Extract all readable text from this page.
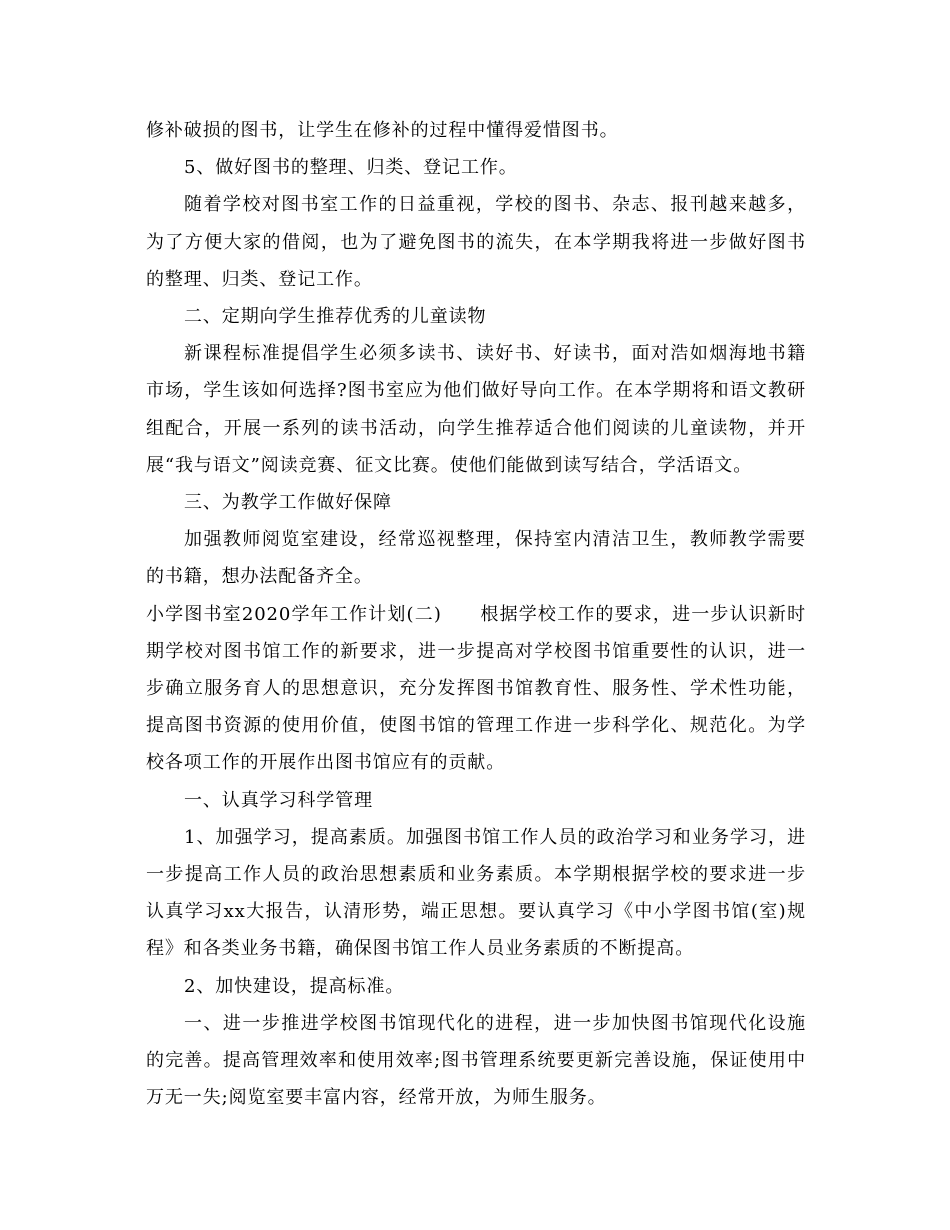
修补破损的图书，让学生在修补的过程中懂得爱惜图书。

5、做好图书的整理、归类、登记工作。

随着学校对图书室工作的日益重视，学校的图书、杂志、报刊越来越多，为了方便大家的借阅，也为了避免图书的流失，在本学期我将进一步做好图书的整理、归类、登记工作。

二、定期向学生推荐优秀的儿童读物

新课程标准提倡学生必须多读书、读好书、好读书，面对浩如烟海地书籍市场，学生该如何选择?图书室应为他们做好导向工作。在本学期将和语文教研组配合，开展一系列的读书活动，向学生推荐适合他们阅读的儿童读物，并开展“我与语文”阅读竞赛、征文比赛。使他们能做到读写结合，学活语文。

三、为教学工作做好保障

加强教师阅览室建设，经常巡视整理，保持室内清洁卫生，教师教学需要的书籍，想办法配备齐全。

小学图书室2020学年工作计划(二)　　根据学校工作的要求，进一步认识新时期学校对图书馆工作的新要求，进一步提高对学校图书馆重要性的认识，进一步确立服务育人的思想意识，充分发挥图书馆教育性、服务性、学术性功能，提高图书资源的使用价值，使图书馆的管理工作进一步科学化、规范化。为学校各项工作的开展作出图书馆应有的贡献。

一、认真学习科学管理

1、加强学习，提高素质。加强图书馆工作人员的政治学习和业务学习，进一步提高工作人员的政治思想素质和业务素质。本学期根据学校的要求进一步认真学习xx大报告，认清形势，端正思想。要认真学习《中小学图书馆(室)规程》和各类业务书籍，确保图书馆工作人员业务素质的不断提高。

2、加快建设，提高标准。

一、进一步推进学校图书馆现代化的进程，进一步加快图书馆现代化设施的完善。提高管理效率和使用效率;图书管理系统要更新完善设施，保证使用中万无一失;阅览室要丰富内容，经常开放，为师生服务。
